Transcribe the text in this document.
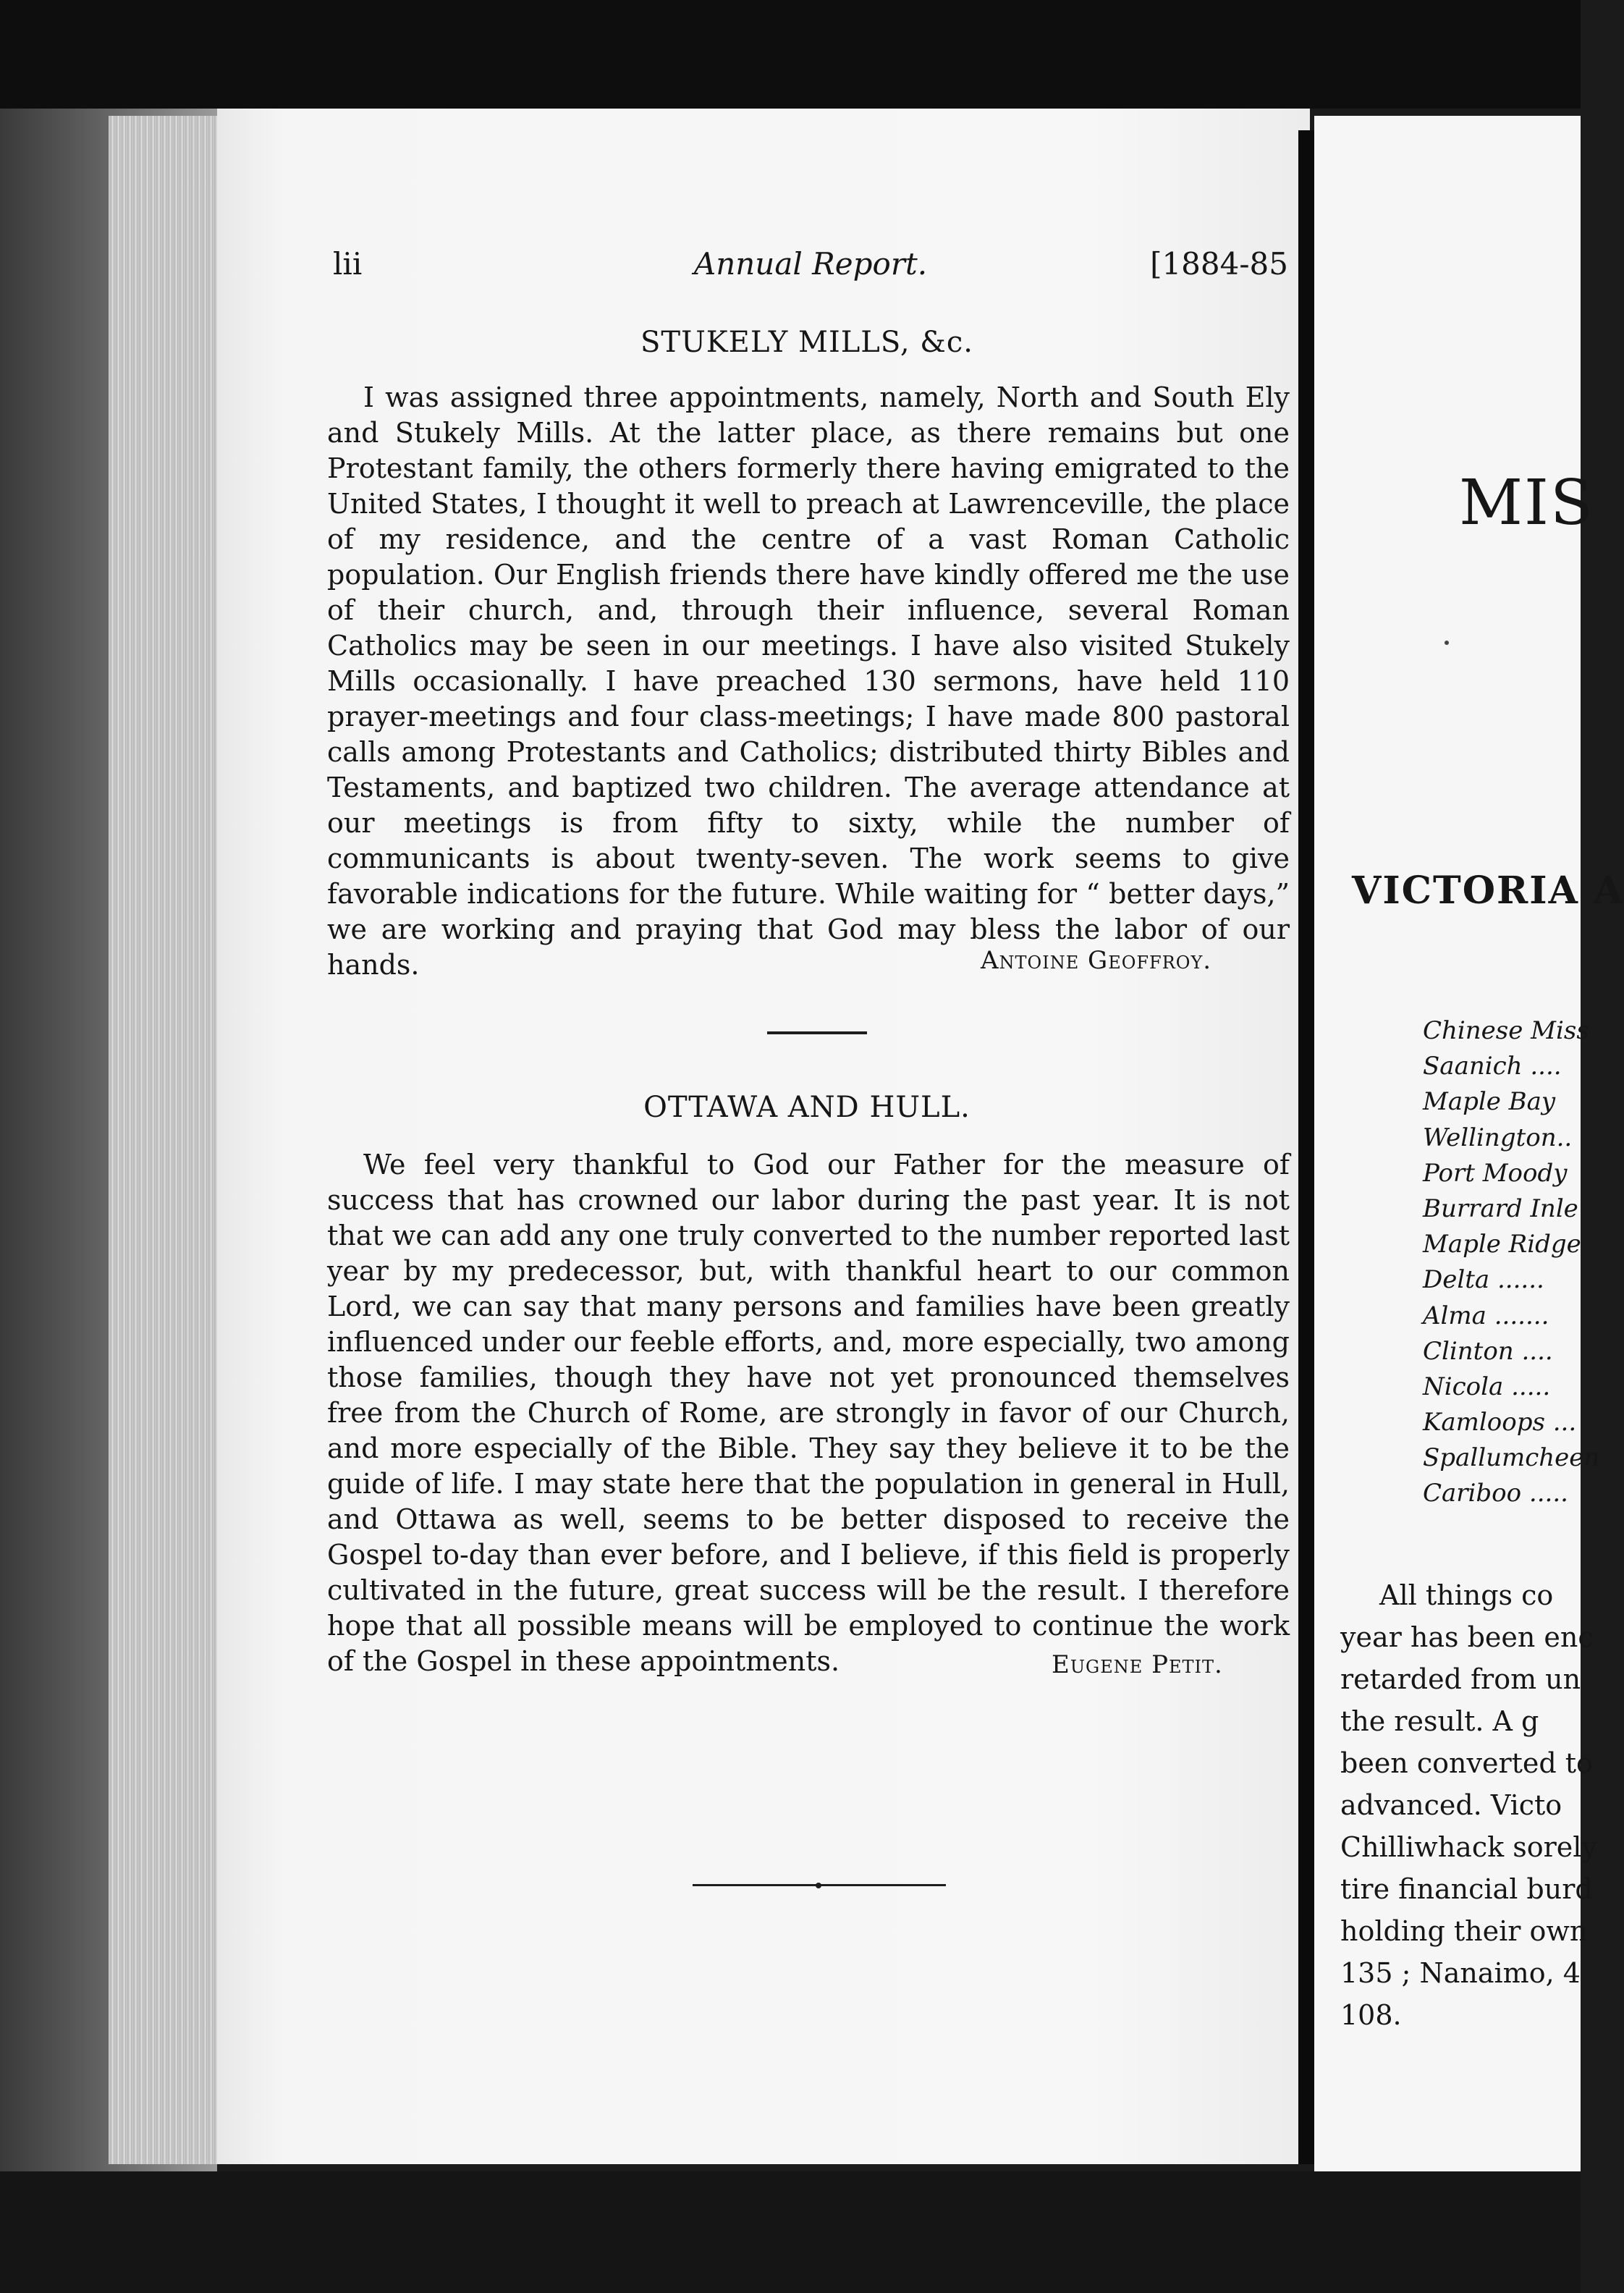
lii	Annual Report.	[1884-85
STUKELY MILLS, &c.

I was assigned three appointments, namely, North and South Ely and Stukely Mills. At the latter place, as there remains but one Protestant family, the others formerly there having emigrated to the United States, I thought it well to preach at Lawrenceville, the place of my residence, and the centre of a vast Roman Catholic population. Our English friends there have kindly offered me the use of their church, and, through their influence, several Roman Catholics may be seen in our meetings. I have also visited Stukely Mills occasionally. I have preached 130 sermons, have held 110 prayer-meetings and four class-meetings; I have made 800 pastoral calls among Protestants and Catholics; distributed thirty Bibles and Testaments, and baptized two children. The average attendance at our meetings is from fifty to sixty, while the number of communicants is about twenty-seven. The work seems to give favorable indications for the future. While waiting for “ better days,” we are working and praying that God may bless the labor of our hands.	Antoine Geoffroy.
OTTAWA AND HULL.

We feel very thankful to God our Father for the measure of success that has crowned our labor during the past year. It is not that we can add any one truly converted to the number reported last year by my predecessor, but, with thankful heart to our common Lord, we can say that many persons and families have been greatly influenced under our feeble efforts, and, more especially, two among those families, though they have not yet pronounced themselves free from the Church of Rome, are strongly in favor of our Church, and more especially of the Bible. They say they believe it to be the guide of life. I may state here that the population in general in Hull, and Ottawa as well, seems to be better disposed to receive the Gospel to-day than ever before, and I believe, if this field is properly cultivated in the future, great success will be the result. I therefore hope that all possible means will be employed to continue the work of the Gospel in these appointments.	Eugene Petit.
MIS
VICTORIA A
Chinese Miss
Saanich ....
Maple Bay
Wellington..
Port Moody
Burrard Inle
Maple Ridge
Delta ......
Alma .......
Clinton ....
Nicola .....
Kamloops ...
Spallumcheen
Cariboo .....
All things co
year has been enc
retarded from un
the result. A g
been converted to
advanced. Victo
Chilliwhack sorely
tire financial burd
holding their own
135 ; Nanaimo, 4
108.
